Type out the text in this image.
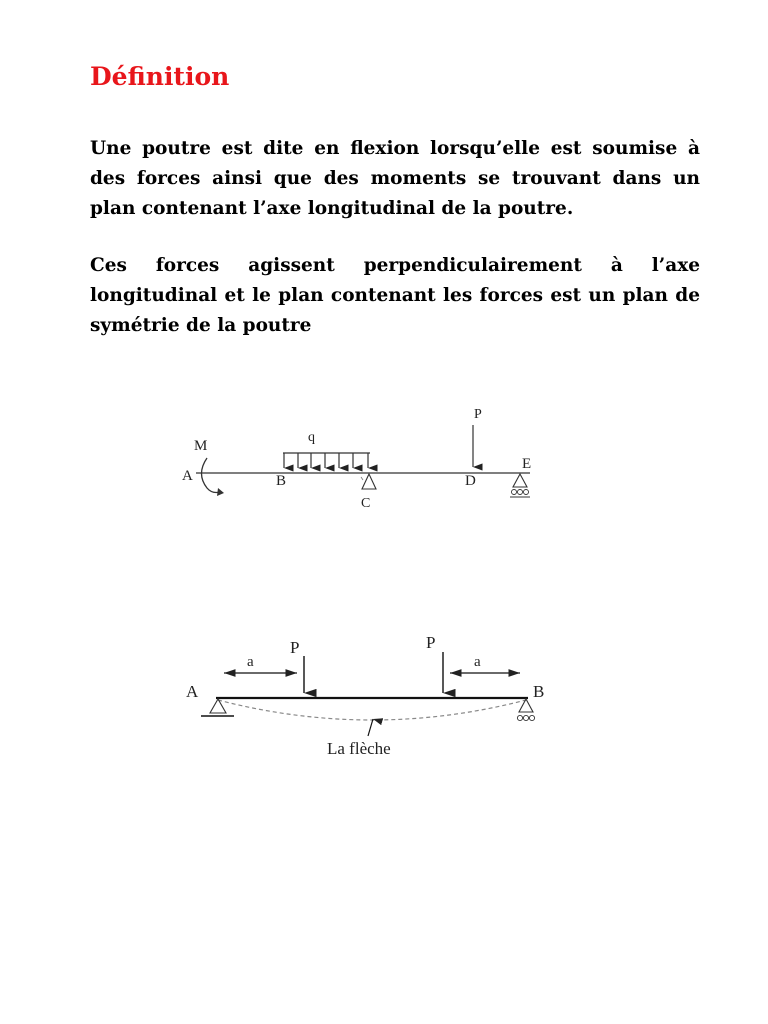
Définition

Une poutre est dite en flexion lorsqu’elle est soumise à des forces ainsi que des moments se trouvant dans un plan contenant l’axe longitudinal de la poutre.

Ces forces agissent perpendiculairement à l’axe longitudinal et le plan contenant les forces est un plan de symétrie de la poutre

M
A
q
B
C
P
D
E
A	B
P	P
a	a
La flèche
